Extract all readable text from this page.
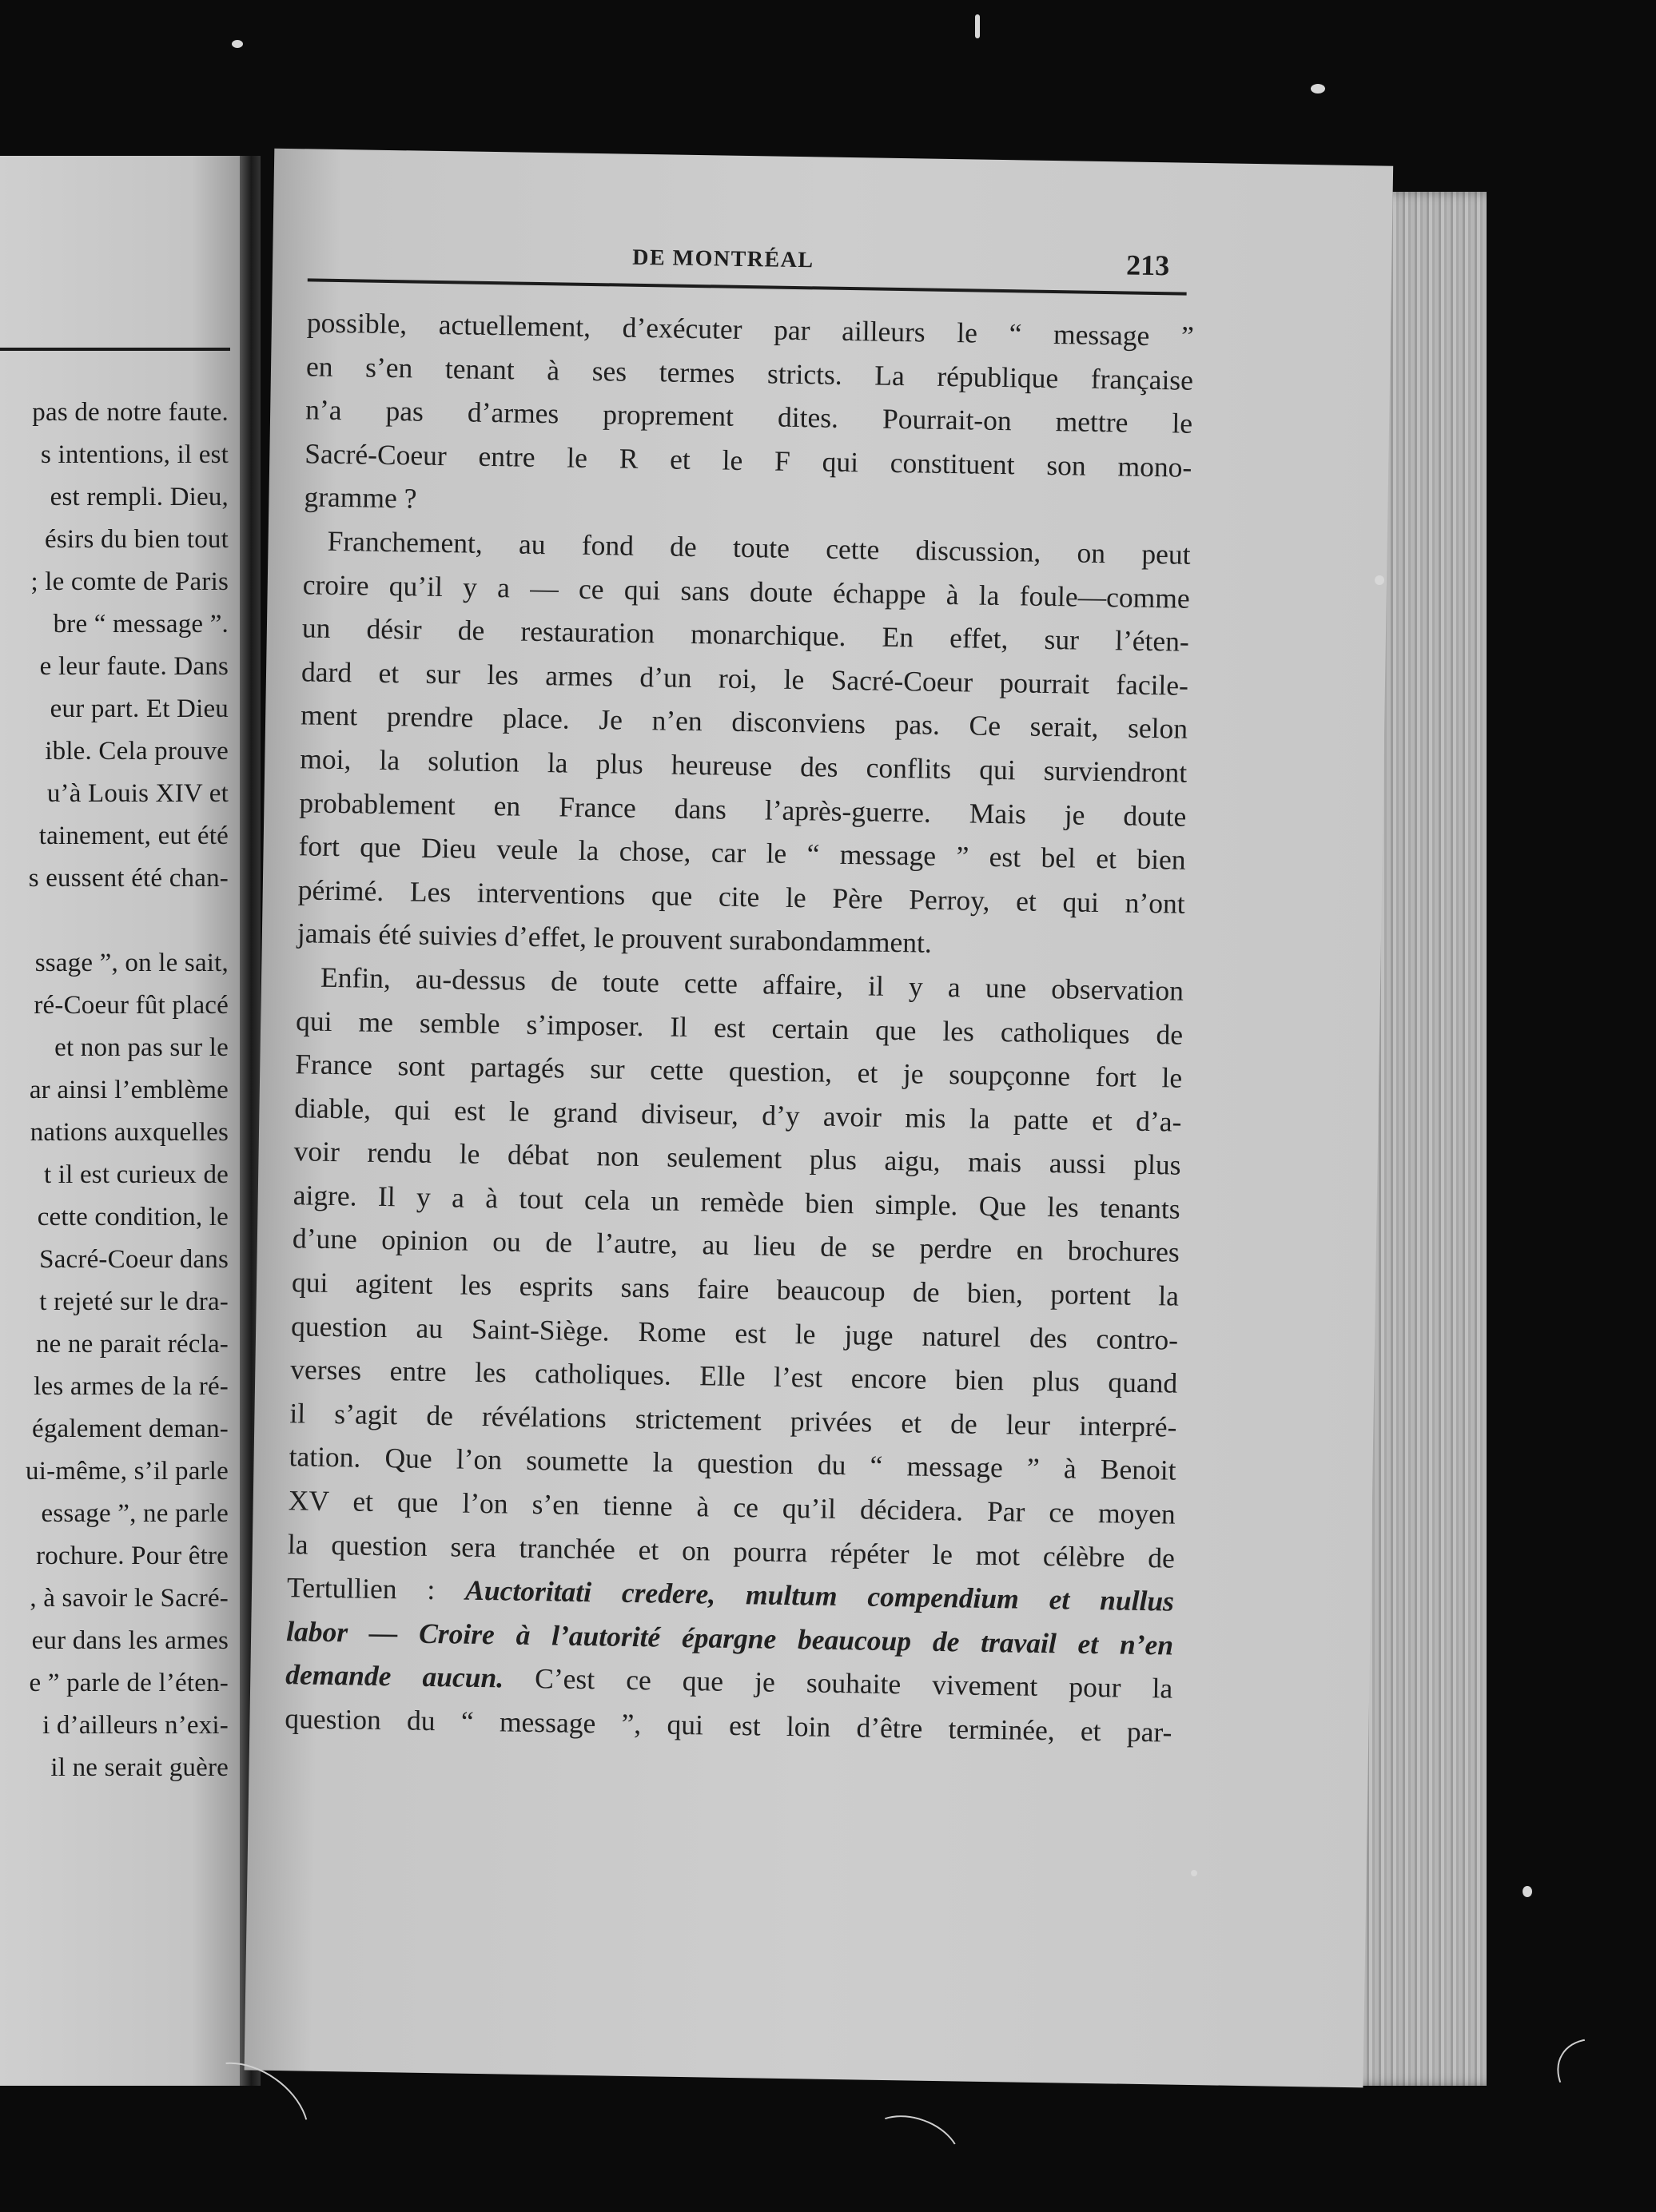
pas de notre faute.
s intentions, il est
est rempli. Dieu,
ésirs du bien tout
; le comte de Paris
bre “ message ”.
e leur faute. Dans
eur part. Et Dieu
ible. Cela prouve
u’à Louis XIV et
tainement, eut été
s eussent été chan-
ssage ”, on le sait,
ré-Coeur fût placé
et non pas sur le
ar ainsi l’emblème
nations auxquelles
t il est curieux de
cette condition, le
Sacré-Coeur dans
t rejeté sur le dra-
ne ne parait récla-
les armes de la ré-
également deman-
ui-même, s’il parle
essage ”, ne parle
rochure. Pour être
, à savoir le Sacré-
eur dans les armes
e ” parle de l’éten-
i d’ailleurs n’exi-
il ne serait guère
DE MONTRÉAL	213
possible, actuellement, d’exécuter par ailleurs le “ message ”
en s’en tenant à ses termes stricts. La république française
n’a pas d’armes proprement dites. Pourrait-on mettre le
Sacré-Coeur entre le R et le F qui constituent son mono-
gramme ?
Franchement, au fond de toute cette discussion, on peut
croire qu’il y a — ce qui sans doute échappe à la foule—comme
un désir de restauration monarchique. En effet, sur l’éten-
dard et sur les armes d’un roi, le Sacré-Coeur pourrait facile-
ment prendre place. Je n’en disconviens pas. Ce serait, selon
moi, la solution la plus heureuse des conflits qui surviendront
probablement en France dans l’après-guerre. Mais je doute
fort que Dieu veule la chose, car le “ message ” est bel et bien
périmé. Les interventions que cite le Père Perroy, et qui n’ont
jamais été suivies d’effet, le prouvent surabondamment.
Enfin, au-dessus de toute cette affaire, il y a une observation
qui me semble s’imposer. Il est certain que les catholiques de
France sont partagés sur cette question, et je soupçonne fort le
diable, qui est le grand diviseur, d’y avoir mis la patte et d’a-
voir rendu le débat non seulement plus aigu, mais aussi plus
aigre. Il y a à tout cela un remède bien simple. Que les tenants
d’une opinion ou de l’autre, au lieu de se perdre en brochures
qui agitent les esprits sans faire beaucoup de bien, portent la
question au Saint-Siège. Rome est le juge naturel des contro-
verses entre les catholiques. Elle l’est encore bien plus quand
il s’agit de révélations strictement privées et de leur interpré-
tation. Que l’on soumette la question du “ message ” à Benoit
XV et que l’on s’en tienne à ce qu’il décidera. Par ce moyen
la question sera tranchée et on pourra répéter le mot célèbre de
Tertullien : Auctoritati credere, multum compendium et nullus
labor — Croire à l’autorité épargne beaucoup de travail et n’en
demande aucun. C’est ce que je souhaite vivement pour la
question du “ message ”, qui est loin d’être terminée, et par-
